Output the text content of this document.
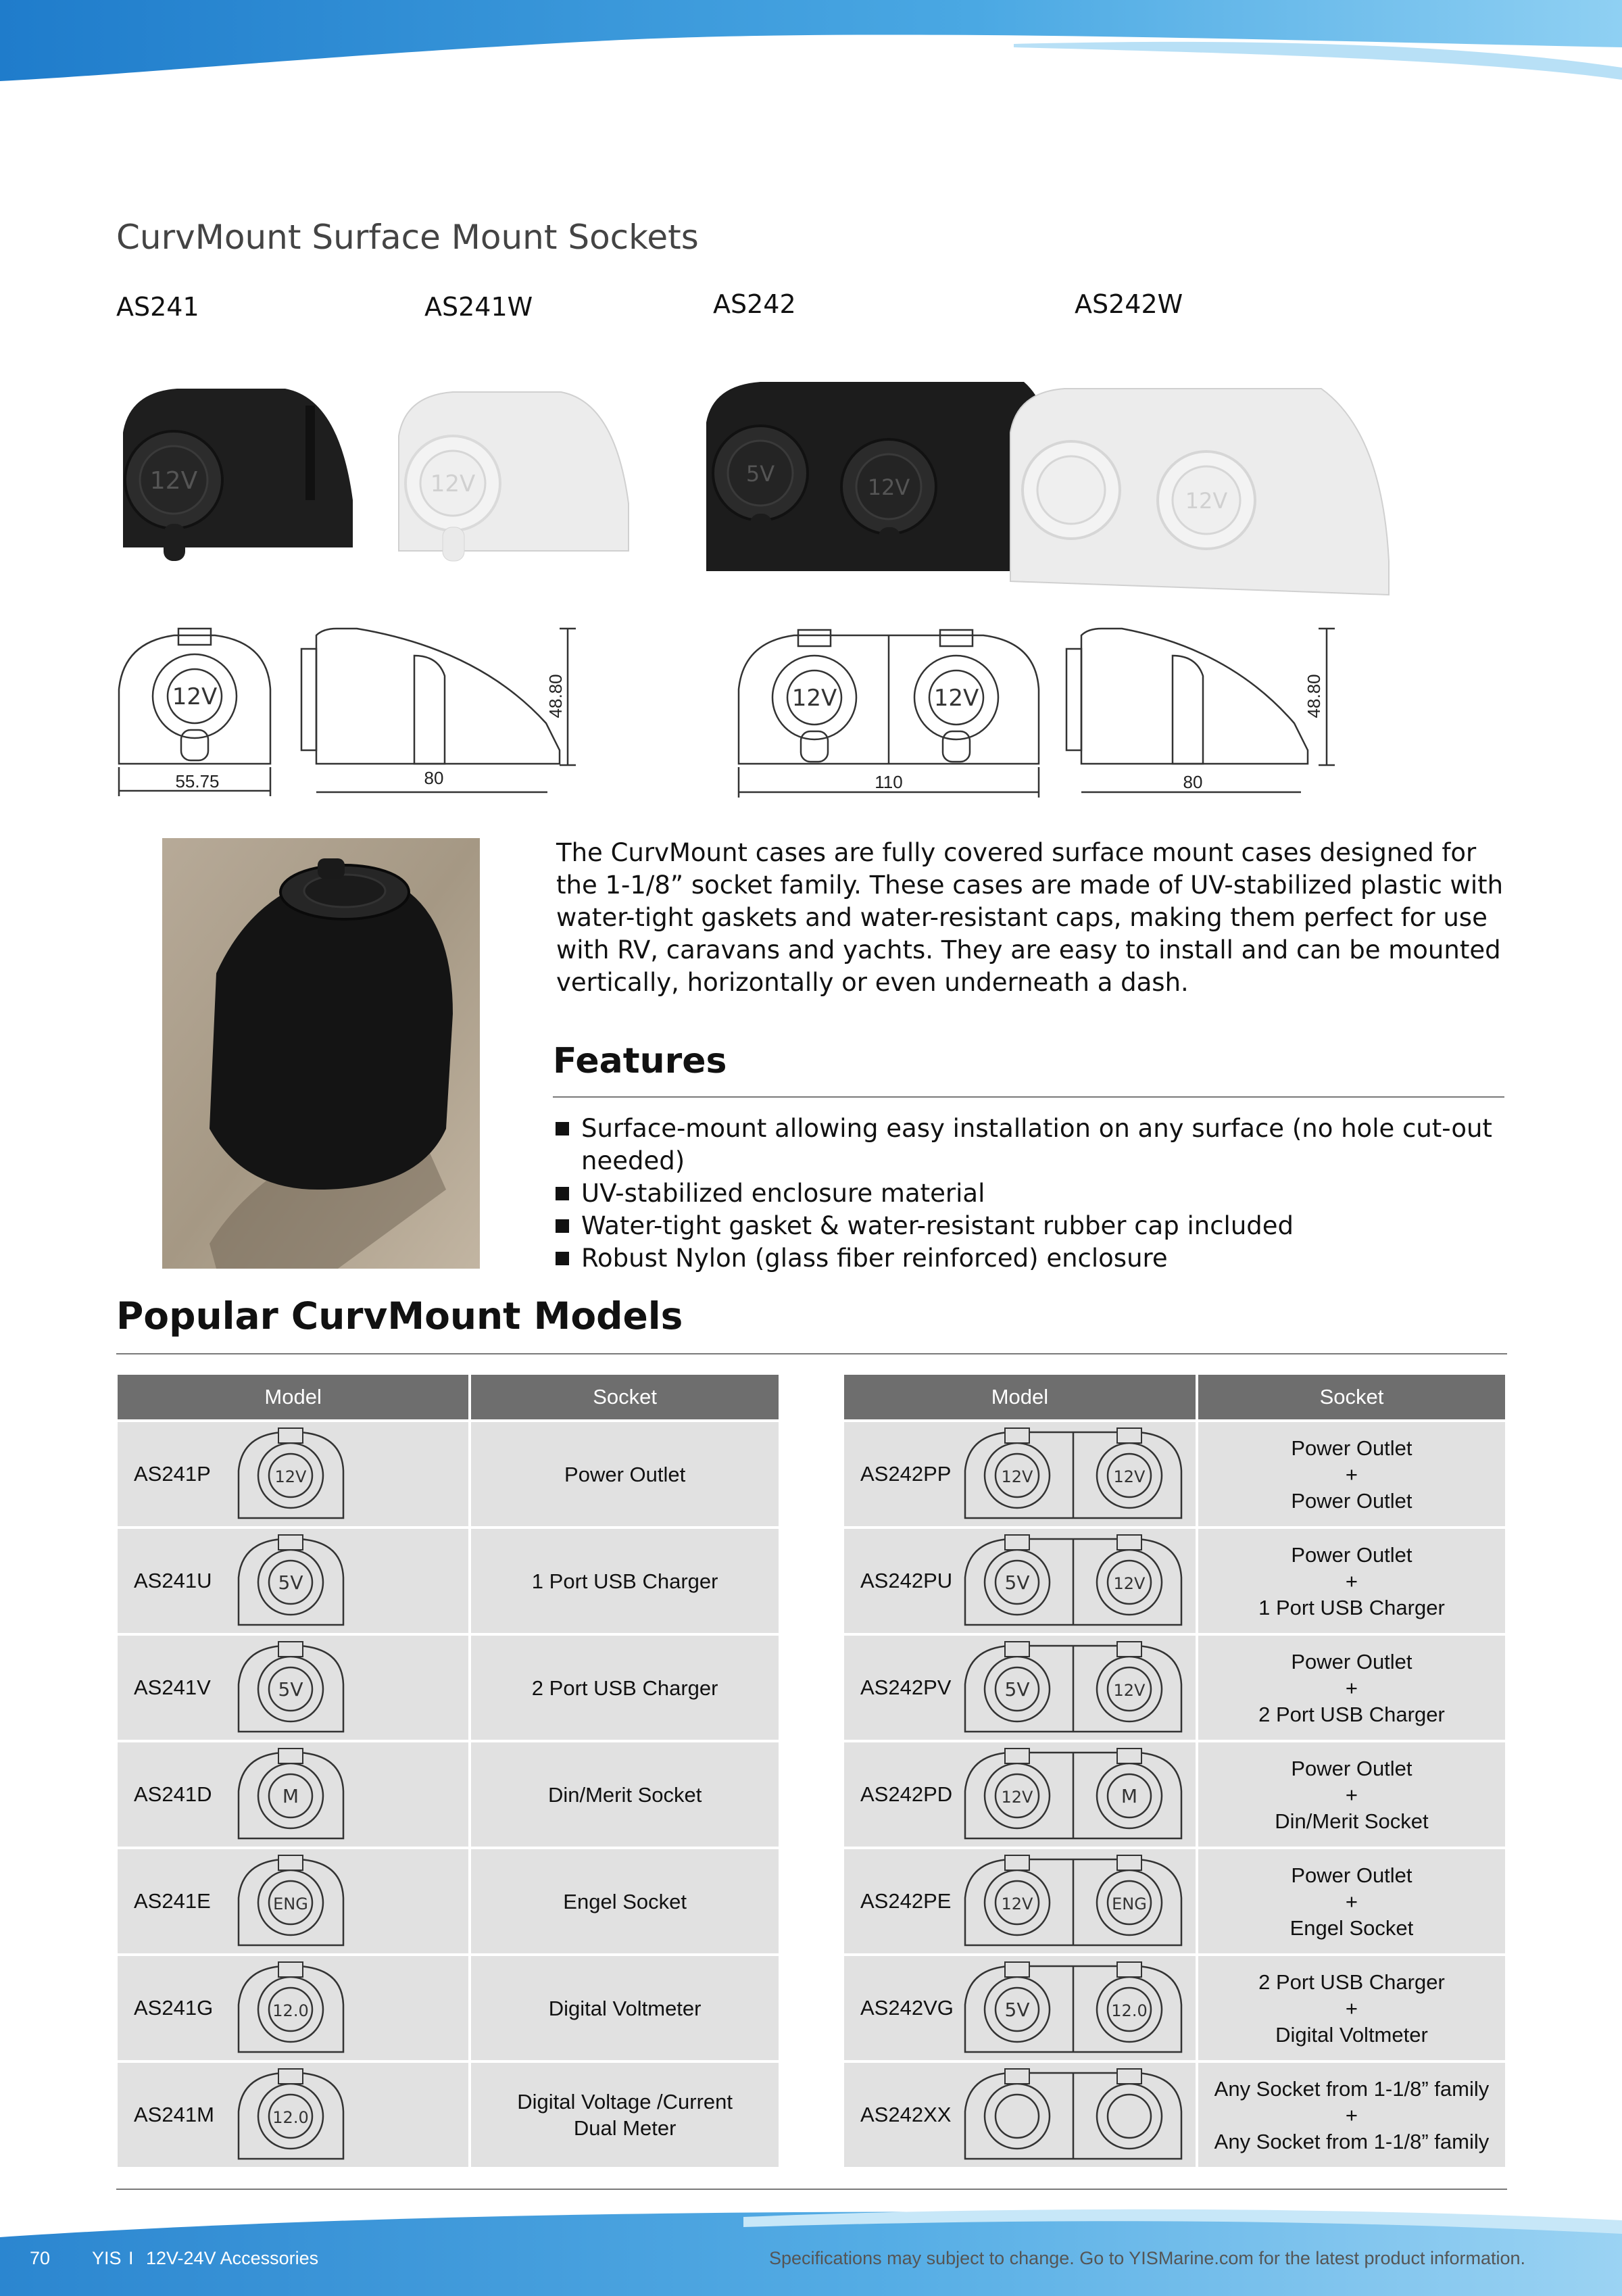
CurvMount Surface Mount Sockets
AS241	AS241W	AS242	AS242W
12V	12V	5V
12V
12V
12V
55.75	80
48.80	12V	12V
110	80
48.80
The CurvMount cases are fully covered surface mount cases designed for the 1-1/8” socket family. These cases are made of UV-stabilized plastic with water-tight gaskets and water-resistant caps, making them perfect for use with RV, caravans and yachts. They are easy to install and can be mounted vertically, horizontally or even underneath a dash.
Features
Surface-mount allowing easy installation on any surface (no hole cut-out needed)
UV-stabilized enclosure material
Water-tight gasket & water-resistant rubber cap included
Robust Nylon (glass fiber reinforced) enclosure
Popular CurvMount Models
Model	Socket

AS241P 12V	Power Outlet

AS241U 5V	1 Port USB Charger

AS241V 5V	2 Port USB Charger

AS241D M	Din/Merit Socket

AS241E ENG	Engel Socket

AS241G 12.0	Digital Voltmeter

AS241M 12.0	Digital Voltage /Current
Dual Meter
Model	Socket

AS242PP 12V 12V	Power Outlet
+
Power Outlet

AS242PU 5V 12V	Power Outlet
+
1 Port USB Charger

AS242PV 5V 12V	Power Outlet
+
2 Port USB Charger

AS242PD 12V M	Power Outlet
+
Din/Merit Socket

AS242PE 12V ENG	Power Outlet
+
Engel Socket

AS242VG 5V 12.0	2 Port USB Charger
+
Digital Voltmeter

AS242XX	Any Socket from 1-1/8” family
+
Any Socket from 1-1/8” family
70 YIS I 12V-24V Accessories	Specifications may subject to change. Go to YISMarine.com for the latest product information.
